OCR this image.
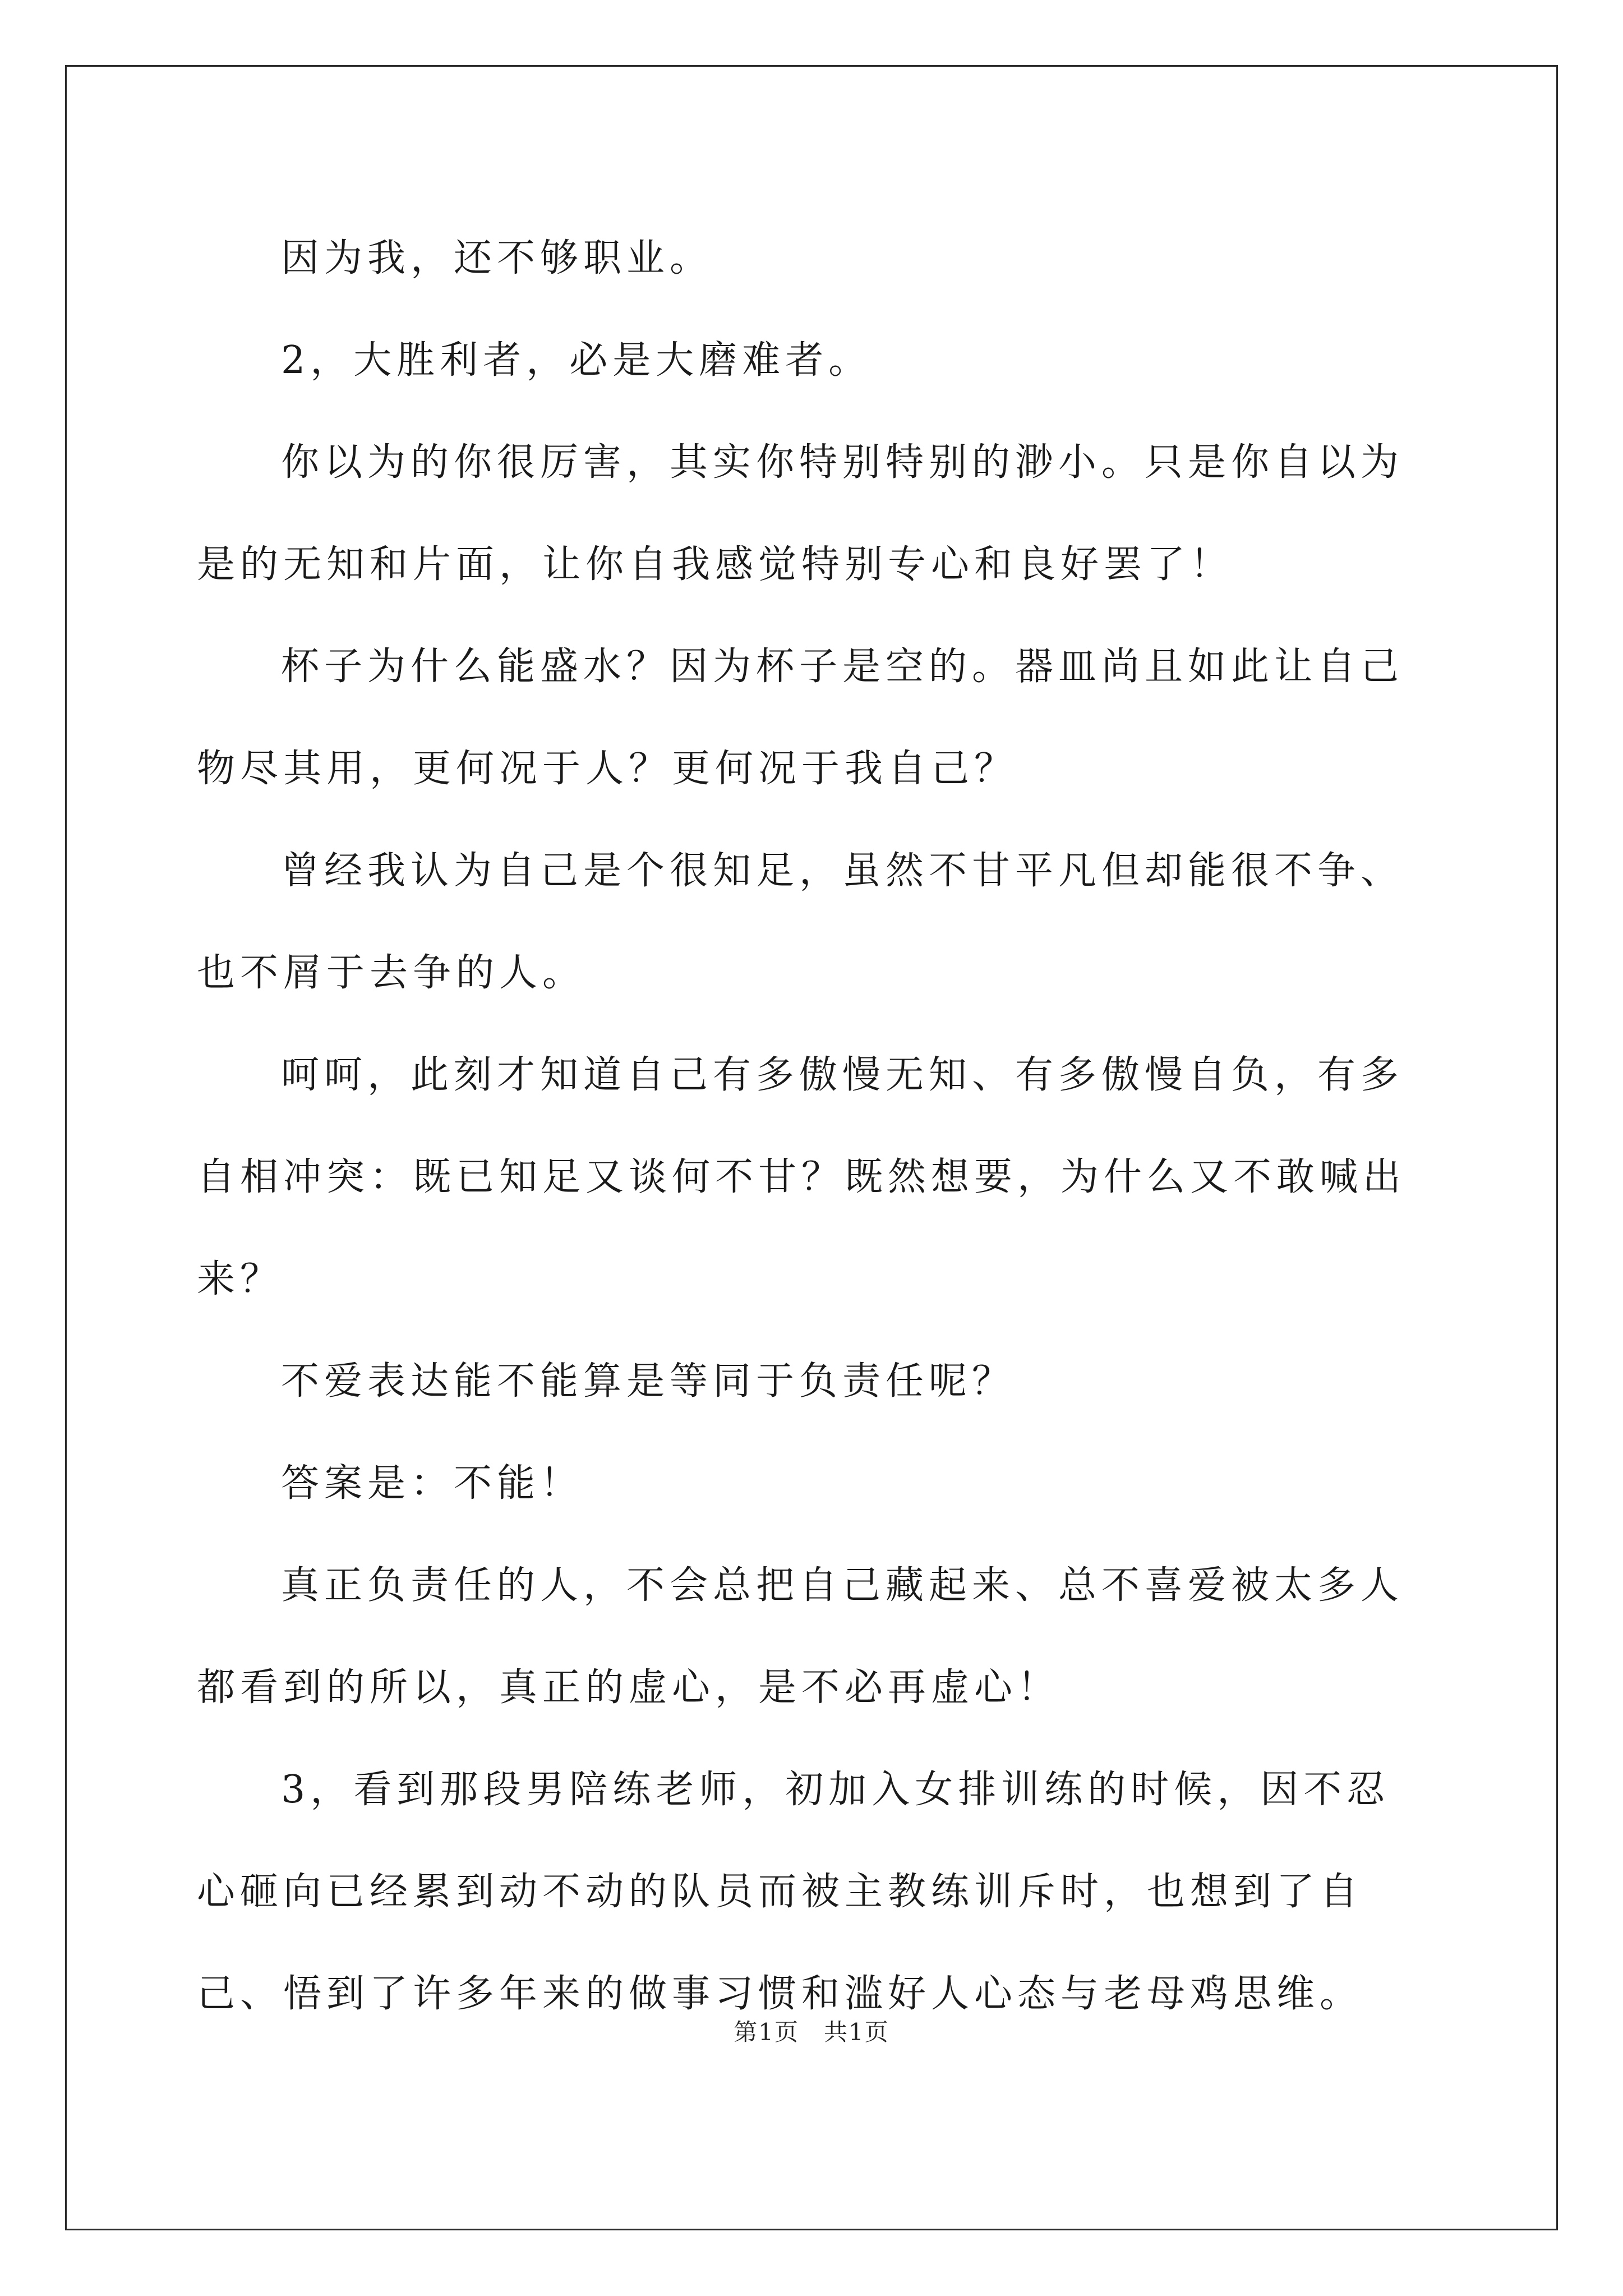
因为我，还不够职业。

2，大胜利者，必是大磨难者。

你以为的你很厉害，其实你特别特别的渺小。只是你自以为是的无知和片面，让你自我感觉特别专心和良好罢了！

杯子为什么能盛水？因为杯子是空的。器皿尚且如此让自己物尽其用，更何况于人？更何况于我自己？

曾经我认为自己是个很知足，虽然不甘平凡但却能很不争、也不屑于去争的人。

呵呵，此刻才知道自己有多傲慢无知、有多傲慢自负，有多自相冲突：既已知足又谈何不甘？既然想要，为什么又不敢喊出来？

不爱表达能不能算是等同于负责任呢？

答案是：不能！

真正负责任的人，不会总把自己藏起来、总不喜爱被太多人都看到的所以，真正的虚心，是不必再虚心！

3，看到那段男陪练老师，初加入女排训练的时候，因不忍心砸向已经累到动不动的队员而被主教练训斥时，也想到了自己、悟到了许多年来的做事习惯和滥好人心态与老母鸡思维。

第1页　共1页
